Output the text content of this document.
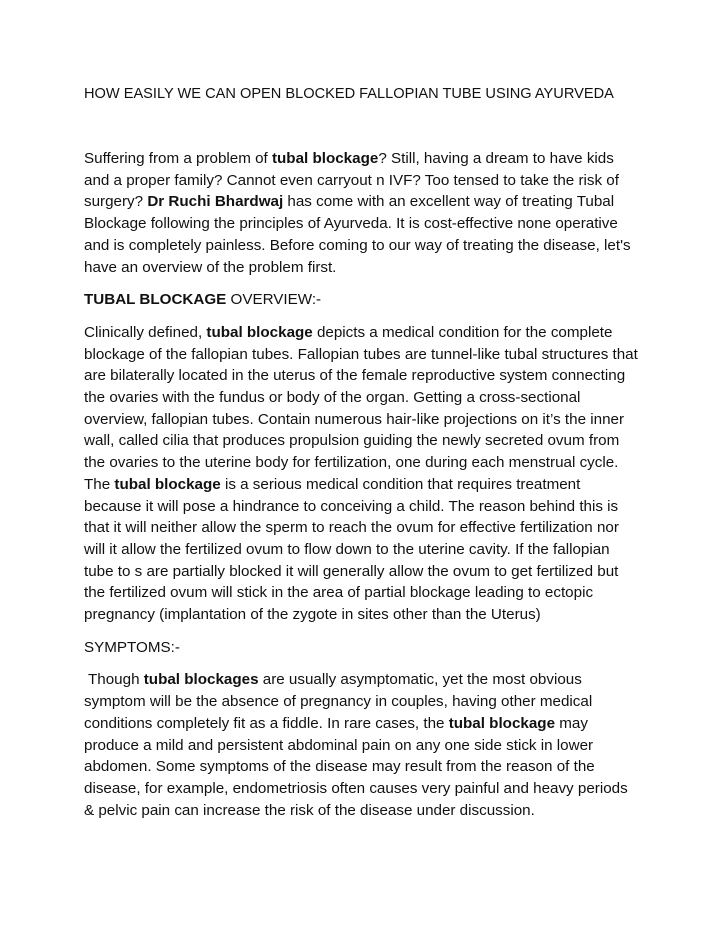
HOW EASILY WE CAN OPEN BLOCKED FALLOPIAN TUBE USING AYURVEDA

Suffering from a problem of tubal blockage? Still, having a dream to have kids and a proper family? Cannot even carryout n IVF? Too tensed to take the risk of surgery? Dr Ruchi Bhardwaj has come with an excellent way of treating Tubal Blockage following the principles of Ayurveda. It is cost-effective none operative and is completely painless. Before coming to our way of treating the disease, let's have an overview of the problem first.

TUBAL BLOCKAGE OVERVIEW:-

Clinically defined, tubal blockage depicts a medical condition for the complete blockage of the fallopian tubes. Fallopian tubes are tunnel-like tubal structures that are bilaterally located in the uterus of the female reproductive system connecting the ovaries with the fundus or body of the organ. Getting a cross-sectional overview, fallopian tubes. Contain numerous hair-like projections on it’s the inner wall, called cilia that produces propulsion guiding the newly secreted ovum from the ovaries to the uterine body for fertilization, one during each menstrual cycle. The tubal blockage is a serious medical condition that requires treatment because it will pose a hindrance to conceiving a child. The reason behind this is that it will neither allow the sperm to reach the ovum for effective fertilization nor will it allow the fertilized ovum to flow down to the uterine cavity. If the fallopian tube to s are partially blocked it will generally allow the ovum to get fertilized but the fertilized ovum will stick in the area of partial blockage leading to ectopic pregnancy (implantation of the zygote in sites other than the Uterus)

SYMPTOMS:-

Though tubal blockages are usually asymptomatic, yet the most obvious symptom will be the absence of pregnancy in couples, having other medical conditions completely fit as a fiddle. In rare cases, the tubal blockage may produce a mild and persistent abdominal pain on any one side stick in lower abdomen. Some symptoms of the disease may result from the reason of the disease, for example, endometriosis often causes very painful and heavy periods & pelvic pain can increase the risk of the disease under discussion.
